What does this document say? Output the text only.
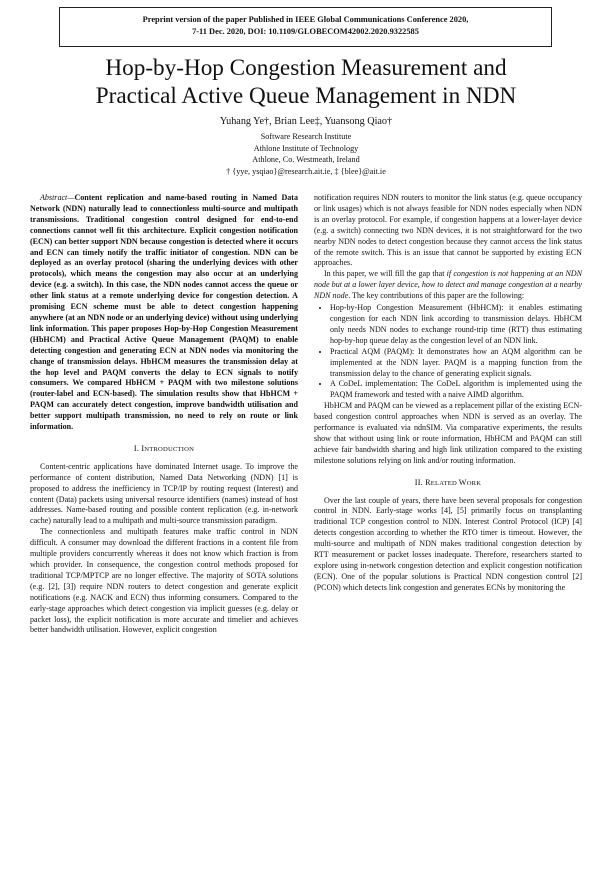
Preprint version of the paper Published in IEEE Global Communications Conference 2020,
7-11 Dec. 2020, DOI: 10.1109/GLOBECOM42002.2020.9322585
Hop-by-Hop Congestion Measurement and
Practical Active Queue Management in NDN
Yuhang Ye†, Brian Lee‡, Yuansong Qiao†
Software Research Institute
Athlone Institute of Technology
Athlone, Co. Westmeath, Ireland
† {yye, ysqiao}@research.ait.ie, ‡ {blee}@ait.ie

Abstract—Content replication and name-based routing in Named Data Network (NDN) naturally lead to connectionless multi-source and multipath transmissions. Traditional congestion control designed for end-to-end connections cannot well fit this architecture. Explicit congestion notification (ECN) can better support NDN because congestion is detected where it occurs and ECN can timely notify the traffic initiator of congestion. NDN can be deployed as an overlay protocol (sharing the underlying devices with other protocols), which means the congestion may also occur at an underlying device (e.g. a switch). In this case, the NDN nodes cannot access the queue or other link status at a remote underlying device for congestion detection. A promising ECN scheme must be able to detect congestion happening anywhere (at an NDN node or an underlying device) without using underlying link information. This paper proposes Hop-by-Hop Congestion Measurement (HbHCM) and Practical Active Queue Management (PAQM) to enable detecting congestion and generating ECN at NDN nodes via monitoring the change of transmission delays. HbHCM measures the transmission delay at the hop level and PAQM converts the delay to ECN signals to notify consumers. We compared HbHCM + PAQM with two milestone solutions (router-label and ECN-based). The simulation results show that HbHCM + PAQM can accurately detect congestion, improve bandwidth utilisation and better support multipath transmission, no need to rely on route or link information.

I. INTRODUCTION

Content-centric applications have dominated Internet usage. To improve the performance of content distribution, Named Data Networking (NDN) [1] is proposed to address the inefficiency in TCP/IP by routing request (Interest) and content (Data) packets using universal resource identifiers (names) instead of host addresses. Name-based routing and possible content replication (e.g. in-network cache) naturally lead to a multipath and multi-source transmission paradigm.

The connectionless and multipath features make traffic control in NDN difficult. A consumer may download the different fractions in a content file from multiple providers concurrently whereas it does not know which fraction is from which provider. In consequence, the congestion control methods proposed for traditional TCP/MPTCP are no longer effective. The majority of SOTA solutions (e.g. [2], [3]) require NDN routers to detect congestion and generate explicit notifications (e.g. NACK and ECN) thus informing consumers. Compared to the early-stage approaches which detect congestion via implicit guesses (e.g. delay or packet loss), the explicit notification is more accurate and timelier and achieves better bandwidth utilisation. However, explicit congestion

notification requires NDN routers to monitor the link status (e.g. queue occupancy or link usages) which is not always feasible for NDN nodes especially when NDN is an overlay protocol. For example, if congestion happens at a lower-layer device (e.g. a switch) connecting two NDN devices, it is not straightforward for the two nearby NDN nodes to detect congestion because they cannot access the link status of the remote switch. This is an issue that cannot be supported by existing ECN approaches.

In this paper, we will fill the gap that if congestion is not happening at an NDN node but at a lower layer device, how to detect and manage congestion at a nearby NDN node. The key contributions of this paper are the following:

• Hop-by-Hop Congestion Measurement (HbHCM): it enables estimating congestion for each NDN link according to transmission delays. HbHCM only needs NDN nodes to exchange round-trip time (RTT) thus estimating hop-by-hop queue delay as the congestion level of an NDN link.
• Practical AQM (PAQM): It demonstrates how an AQM algorithm can be implemented at the NDN layer. PAQM is a mapping function from the transmission delay to the chance of generating explicit signals.
• A CoDeL implementation: The CoDeL algorithm is implemented using the PAQM framework and tested with a naive AIMD algorithm.

HbHCM and PAQM can be viewed as a replacement pillar of the existing ECN-based congestion control approaches when NDN is served as an overlay. The performance is evaluated via ndnSIM. Via comparative experiments, the results show that without using link or route information, HbHCM and PAQM can still achieve fair bandwidth sharing and high link utilization compared to the existing milestone solutions relying on link and/or routing information.

II. RELATED WORK

Over the last couple of years, there have been several proposals for congestion control in NDN. Early-stage works [4], [5] primarily focus on transplanting traditional TCP congestion control to NDN. Interest Control Protocol (ICP) [4] detects congestion according to whether the RTO timer is timeout. However, the multi-source and multipath of NDN makes traditional congestion detection by RTT measurement or packet losses inadequate. Therefore, researchers started to explore using in-network congestion detection and explicit congestion notification (ECN). One of the popular solutions is Practical NDN congestion control [2] (PCON) which detects link congestion and generates ECNs by monitoring the
